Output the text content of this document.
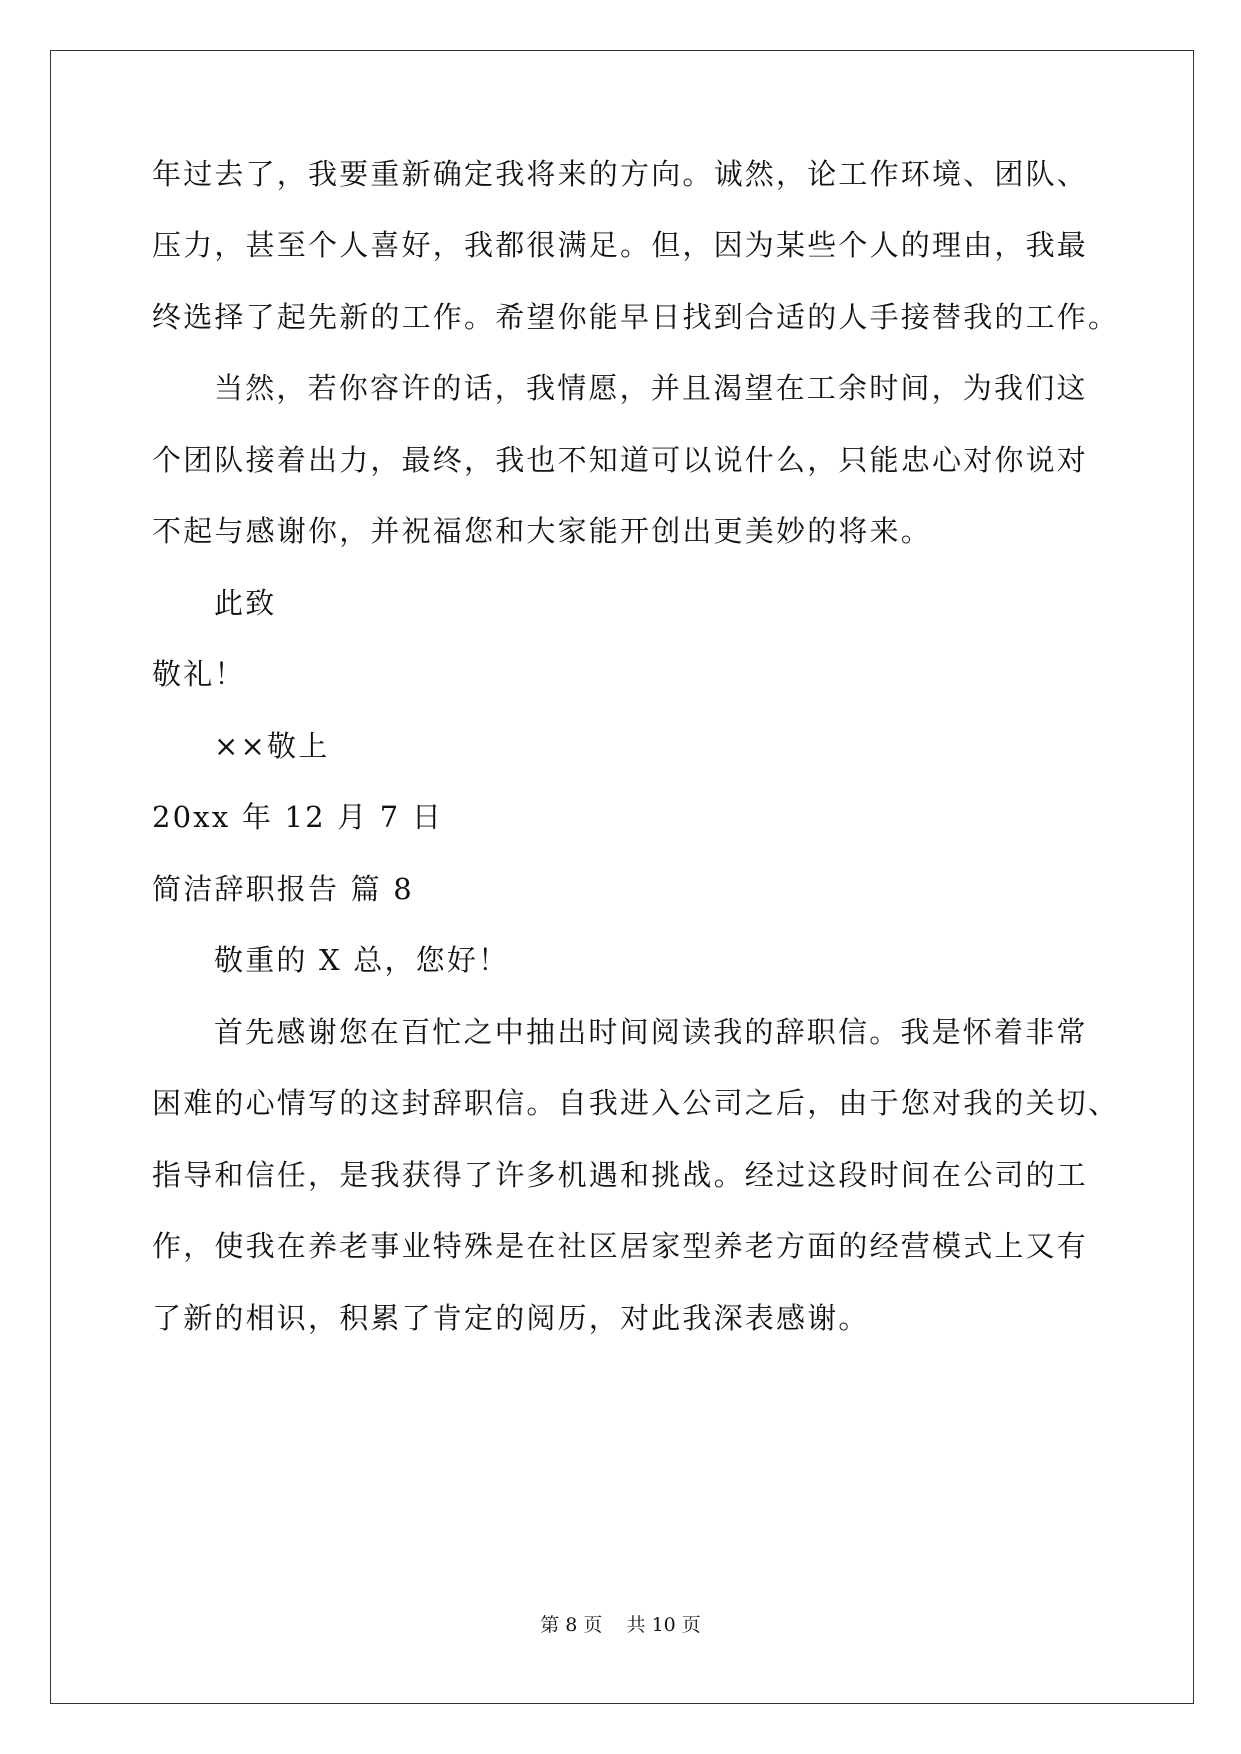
年过去了，我要重新确定我将来的方向。诚然，论工作环境、团队、
压力，甚至个人喜好，我都很满足。但，因为某些个人的理由，我最
终选择了起先新的工作。希望你能早日找到合适的人手接替我的工作。
当然，若你容许的话，我情愿，并且渴望在工余时间，为我们这
个团队接着出力，最终，我也不知道可以说什么，只能忠心对你说对
不起与感谢你，并祝福您和大家能开创出更美妙的将来。
此致
敬礼！
××敬上
20xx 年 12 月 7 日
简洁辞职报告 篇 8
敬重的 X 总，您好！
首先感谢您在百忙之中抽出时间阅读我的辞职信。我是怀着非常
困难的心情写的这封辞职信。自我进入公司之后，由于您对我的关切、
指导和信任，是我获得了许多机遇和挑战。经过这段时间在公司的工
作，使我在养老事业特殊是在社区居家型养老方面的经营模式上又有
了新的相识，积累了肯定的阅历，对此我深表感谢。
第 8 页    共 10 页
